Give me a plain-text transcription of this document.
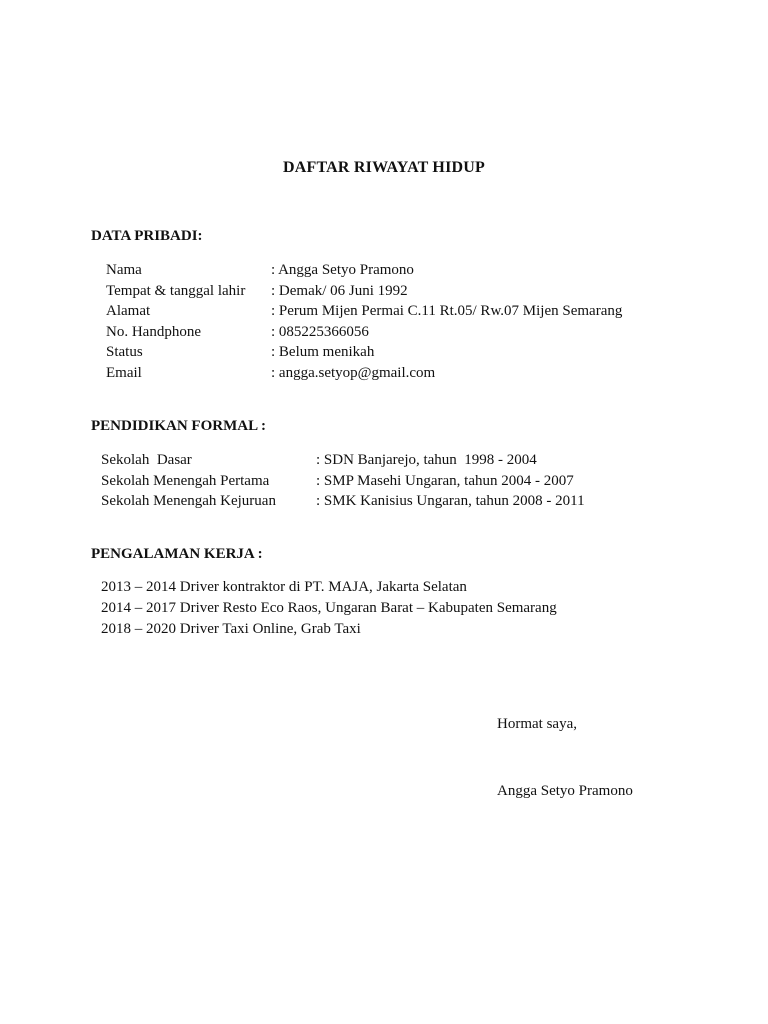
DAFTAR RIWAYAT HIDUP
DATA PRIBADI:
Nama	: Angga Setyo Pramono
Tempat & tanggal lahir : Demak/ 06 Juni 1992
Alamat	: Perum Mijen Permai C.11 Rt.05/ Rw.07 Mijen Semarang
No. Handphone	: 085225366056
Status	: Belum menikah
Email	: angga.setyop@gmail.com
PENDIDIKAN FORMAL :
Sekolah  Dasar	: SDN Banjarejo, tahun  1998 - 2004
Sekolah Menengah Pertama	: SMP Masehi Ungaran, tahun 2004 - 2007
Sekolah Menengah Kejuruan	: SMK Kanisius Ungaran, tahun 2008 - 2011
PENGALAMAN KERJA :
2013 – 2014 Driver kontraktor di PT. MAJA, Jakarta Selatan
2014 – 2017 Driver Resto Eco Raos, Ungaran Barat – Kabupaten Semarang
2018 – 2020 Driver Taxi Online, Grab Taxi
Hormat saya,
Angga Setyo Pramono
